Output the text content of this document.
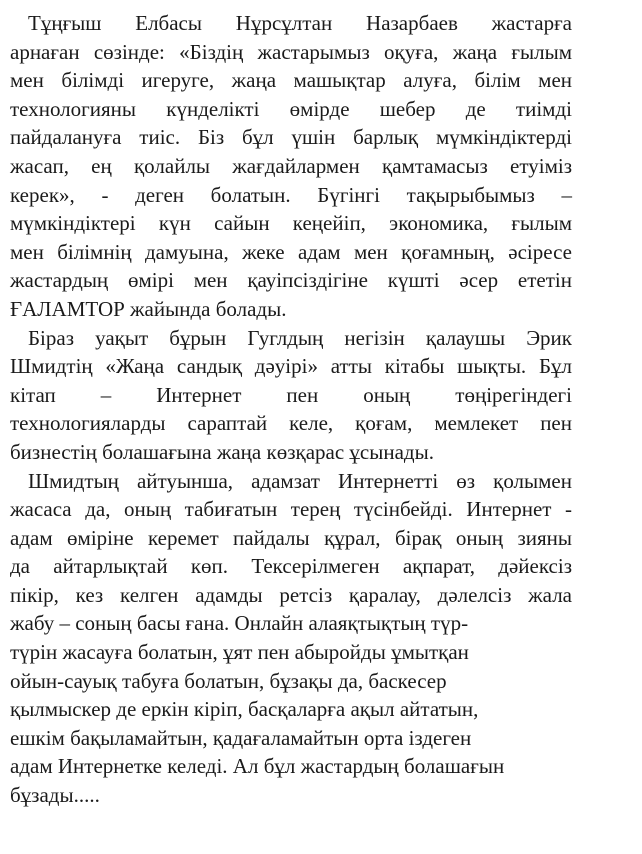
Тұңғыш Елбасы Нұрсұлтан Назарбаев жастарға
арнаған сөзінде: «Біздің жастарымыз оқуға, жаңа ғылым
мен білімді игеруге, жаңа машықтар алуға, білім мен
технологияны күнделікті өмірде шебер де тиімді
пайдалануға тиіс. Біз бұл үшін барлық мүмкіндіктерді
жасап, ең қолайлы жағдайлармен қамтамасыз етуіміз
керек», - деген болатын. Бүгінгі тақырыбымыз –
мүмкіндіктері күн сайын кеңейіп, экономика, ғылым
мен білімнің дамуына, жеке адам мен қоғамның, әсіресе
жастардың өмірі мен қауіпсіздігіне күшті әсер ететін
ҒАЛАМТОР жайында болады.
Біраз уақыт бұрын Гуглдың негізін қалаушы Эрик
Шмидтің «Жаңа сандық дәуірі» атты кітабы шықты. Бұл
кітап – Интернет пен оның төңірегіндегі
технологияларды сараптай келе, қоғам, мемлекет пен
бизнестің болашағына жаңа көзқарас ұсынады.
Шмидтың айтуынша, адамзат Интернетті өз қолымен
жасаса да, оның табиғатын терең түсінбейді. Интернет -
адам өміріне керемет пайдалы құрал, бірақ оның зияны
да айтарлықтай көп. Тексерілмеген ақпарат, дәйексіз
пікір, кез келген адамды ретсіз қаралау, дәлелсіз жала
жабу – соның басы ғана. Онлайн алаяқтықтың түр-
түрін жасауға болатын, ұят пен абыройды ұмытқан
ойын-сауық табуға болатын, бұзақы да, баскесер
қылмыскер де еркін кіріп, басқаларға ақыл айтатын,
ешкім бақыламайтын, қадағаламайтын орта іздеген
адам Интернетке келеді. Ал бұл жастардың болашағын
бұзады.....
